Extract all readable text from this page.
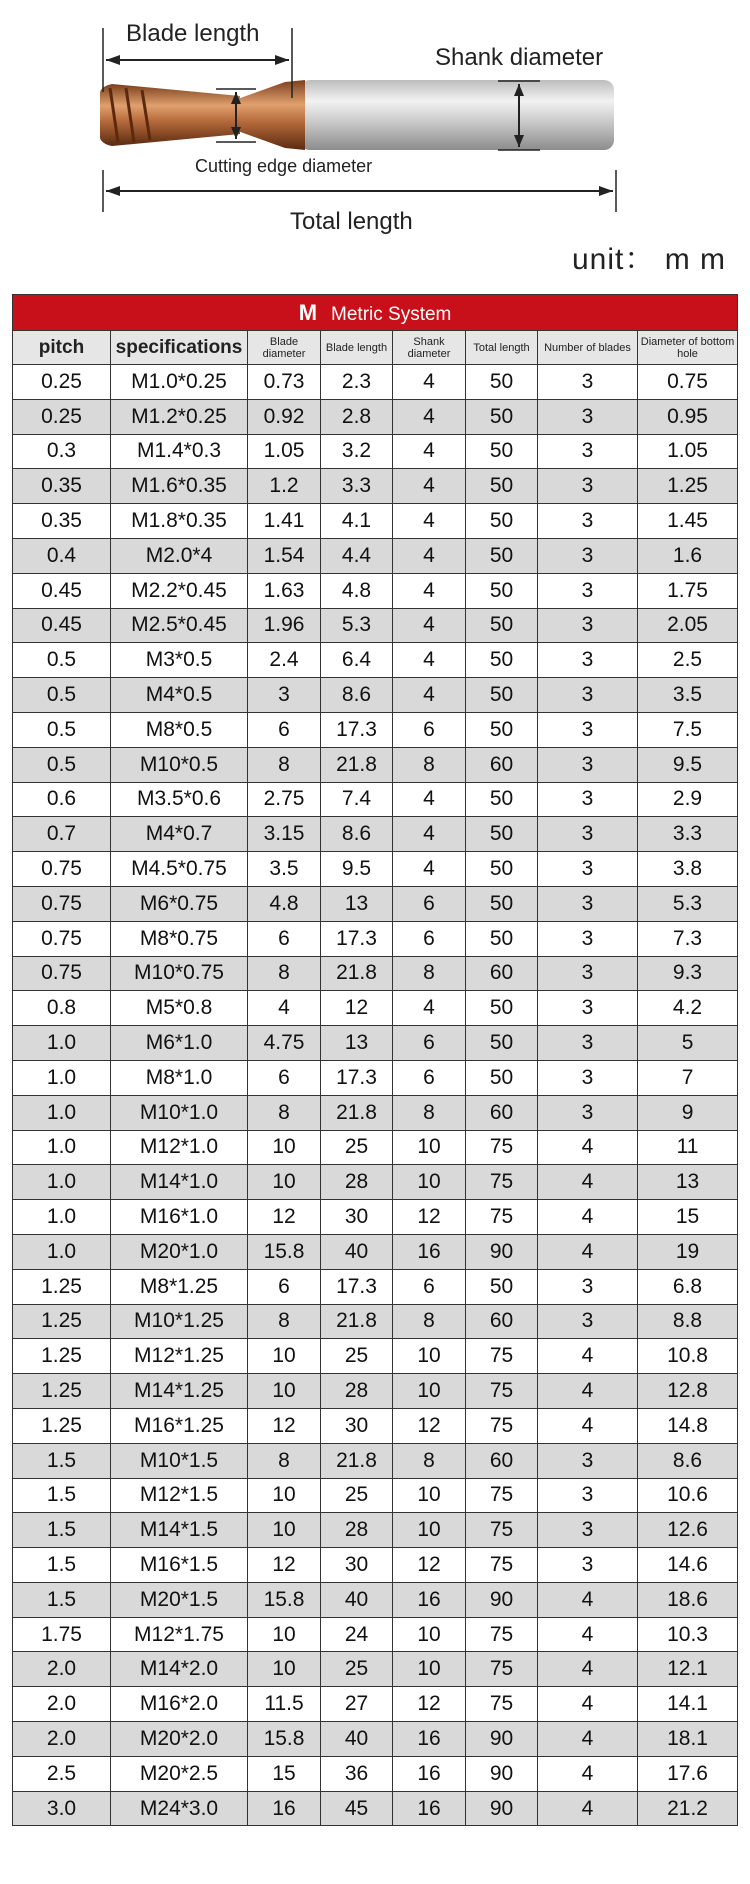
Blade length
Shank diameter
Cutting edge diameter
Total length
unit： m m
M Metric System							
pitch	specifications	Blade diameter	Blade length	Shank diameter	Total length	Number of blades	Diameter of bottom hole
0.25	M1.0*0.25	0.73	2.3	4	50	3	0.75
0.25	M1.2*0.25	0.92	2.8	4	50	3	0.95
0.3	M1.4*0.3	1.05	3.2	4	50	3	1.05
0.35	M1.6*0.35	1.2	3.3	4	50	3	1.25
0.35	M1.8*0.35	1.41	4.1	4	50	3	1.45
0.4	M2.0*4	1.54	4.4	4	50	3	1.6
0.45	M2.2*0.45	1.63	4.8	4	50	3	1.75
0.45	M2.5*0.45	1.96	5.3	4	50	3	2.05
0.5	M3*0.5	2.4	6.4	4	50	3	2.5
0.5	M4*0.5	3	8.6	4	50	3	3.5
0.5	M8*0.5	6	17.3	6	50	3	7.5
0.5	M10*0.5	8	21.8	8	60	3	9.5
0.6	M3.5*0.6	2.75	7.4	4	50	3	2.9
0.7	M4*0.7	3.15	8.6	4	50	3	3.3
0.75	M4.5*0.75	3.5	9.5	4	50	3	3.8
0.75	M6*0.75	4.8	13	6	50	3	5.3
0.75	M8*0.75	6	17.3	6	50	3	7.3
0.75	M10*0.75	8	21.8	8	60	3	9.3
0.8	M5*0.8	4	12	4	50	3	4.2
1.0	M6*1.0	4.75	13	6	50	3	5
1.0	M8*1.0	6	17.3	6	50	3	7
1.0	M10*1.0	8	21.8	8	60	3	9
1.0	M12*1.0	10	25	10	75	4	11
1.0	M14*1.0	10	28	10	75	4	13
1.0	M16*1.0	12	30	12	75	4	15
1.0	M20*1.0	15.8	40	16	90	4	19
1.25	M8*1.25	6	17.3	6	50	3	6.8
1.25	M10*1.25	8	21.8	8	60	3	8.8
1.25	M12*1.25	10	25	10	75	4	10.8
1.25	M14*1.25	10	28	10	75	4	12.8
1.25	M16*1.25	12	30	12	75	4	14.8
1.5	M10*1.5	8	21.8	8	60	3	8.6
1.5	M12*1.5	10	25	10	75	3	10.6
1.5	M14*1.5	10	28	10	75	3	12.6
1.5	M16*1.5	12	30	12	75	3	14.6
1.5	M20*1.5	15.8	40	16	90	4	18.6
1.75	M12*1.75	10	24	10	75	4	10.3
2.0	M14*2.0	10	25	10	75	4	12.1
2.0	M16*2.0	11.5	27	12	75	4	14.1
2.0	M20*2.0	15.8	40	16	90	4	18.1
2.5	M20*2.5	15	36	16	90	4	17.6
3.0	M24*3.0	16	45	16	90	4	21.2
